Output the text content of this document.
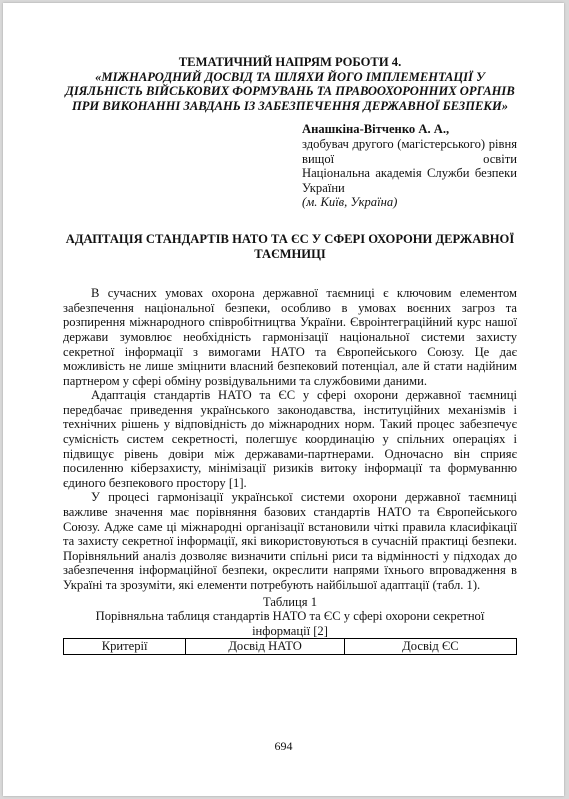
ТЕМАТИЧНИЙ НАПРЯМ РОБОТИ 4.
«МІЖНАРОДНИЙ ДОСВІД ТА ШЛЯХИ ЙОГО ІМПЛЕМЕНТАЦІЇ У ДІЯЛЬНІСТЬ ВІЙСЬКОВИХ ФОРМУВАНЬ ТА ПРАВООХОРОННИХ ОРГАНІВ ПРИ ВИКОНАННІ ЗАВДАНЬ ІЗ ЗАБЕЗПЕЧЕННЯ ДЕРЖАВНОЇ БЕЗПЕКИ»
Анашкіна-Вітченко А. А.,
здобувач другого (магістерського) рівня вищої освіти
Національна академія Служби безпеки України
(м. Київ, Україна)
АДАПТАЦІЯ СТАНДАРТІВ НАТО ТА ЄС У СФЕРІ ОХОРОНИ ДЕРЖАВНОЇ ТАЄМНИЦІ

В сучасних умовах охорона державної таємниці є ключовим елементом забезпечення національної безпеки, особливо в умовах воєнних загроз та розпирення міжнародного співробітництва України. Євроінтеграційний курс нашої держави зумовлює необхідність гармонізації національної системи захисту секретної інформації з вимогами НАТО та Європейського Союзу. Це дає можливість не лише зміцнити власний безпековий потенціал, але й стати надійним партнером у сфері обміну розвідувальними та службовими даними.

Адаптація стандартів НАТО та ЄС у сфері охорони державної таємниці передбачає приведення українського законодавства, інституційних механізмів і технічних рішень у відповідність до міжнародних норм. Такий процес забезпечує сумісність систем секретності, полегшує координацію у спільних операціях і підвищує рівень довіри між державами-партнерами. Одночасно він сприяє посиленню кіберзахисту, мінімізації ризиків витоку інформації та формуванню єдиного безпекового простору [1].

У процесі гармонізації української системи охорони державної таємниці важливе значення має порівняння базових стандартів НАТО та Європейського Союзу. Адже саме ці міжнародні організації встановили чіткі правила класифікації та захисту секретної інформації, які використовуються в сучасній практиці безпеки. Порівняльний аналіз дозволяє визначити спільні риси та відмінності у підходах до забезпечення інформаційної безпеки, окреслити напрями їхнього впровадження в Україні та зрозуміти, які елементи потребують найбільшої адаптації (табл. 1).

Таблиця 1
Порівняльна таблиця стандартів НАТО та ЄС у сфері охорони секретної інформації [2]
Критерії	Досвід НАТО	Досвід ЄС
694
